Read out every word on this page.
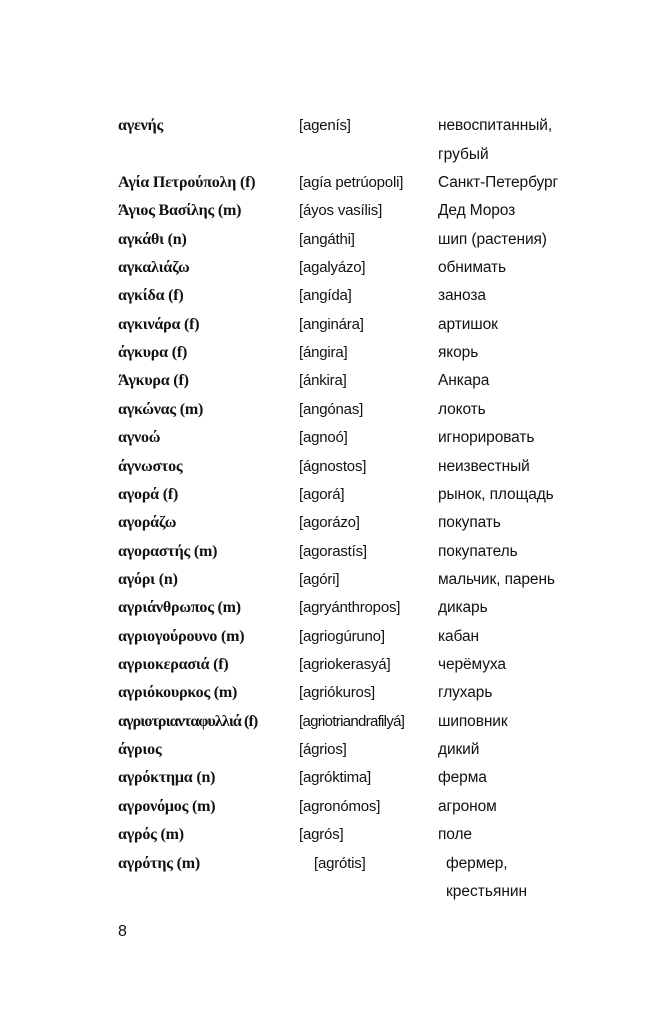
αγενής	[agenís]	невоспитанный,
грубый
Αγία Πετρούπολη (f)	[agía petrúopoli]	Санкт-Петербург
Άγιος Βασίλης (m)	[áyos vasílis]	Дед Мороз
αγκάθι (n)	[angáthi]	шип (растения)
αγκαλιάζω	[agalyázo]	обнимать
αγκίδα (f)	[angída]	заноза
αγκινάρα (f)	[anginára]	артишок
άγκυρα (f)	[ángira]	якорь
Άγκυρα (f)	[ánkira]	Анкара
αγκώνας (m)	[angónas]	локоть
αγνοώ	[agnoó]	игнорировать
άγνωστος	[ágnostos]	неизвестный
αγορά (f)	[agorá]	рынок, площадь
αγοράζω	[agorázo]	покупать
αγοραστής (m)	[agorastís]	покупатель
αγόρι (n)	[agóri]	мальчик, парень
αγριάνθρωπος (m)	[agryánthropos]	дикарь
αγριογούρουνο (m)	[agriogúruno]	кабан
αγριοκερασιά (f)	[agriokerasyá]	черёмуха
αγριόκουρκος (m)	[agriókuros]	глухарь
αγριοτριανταφυλλιά (f)	[agriotriandrafilyá]	шиповник
άγριος	[ágrios]	дикий
αγρόκτημα (n)	[agróktima]	ферма
αγρονόμος (m)	[agronómos]	агроном
αγρός (m)	[agrós]	поле
αγρότης (m)	[agrótis]	фермер,
крестьянин
8
